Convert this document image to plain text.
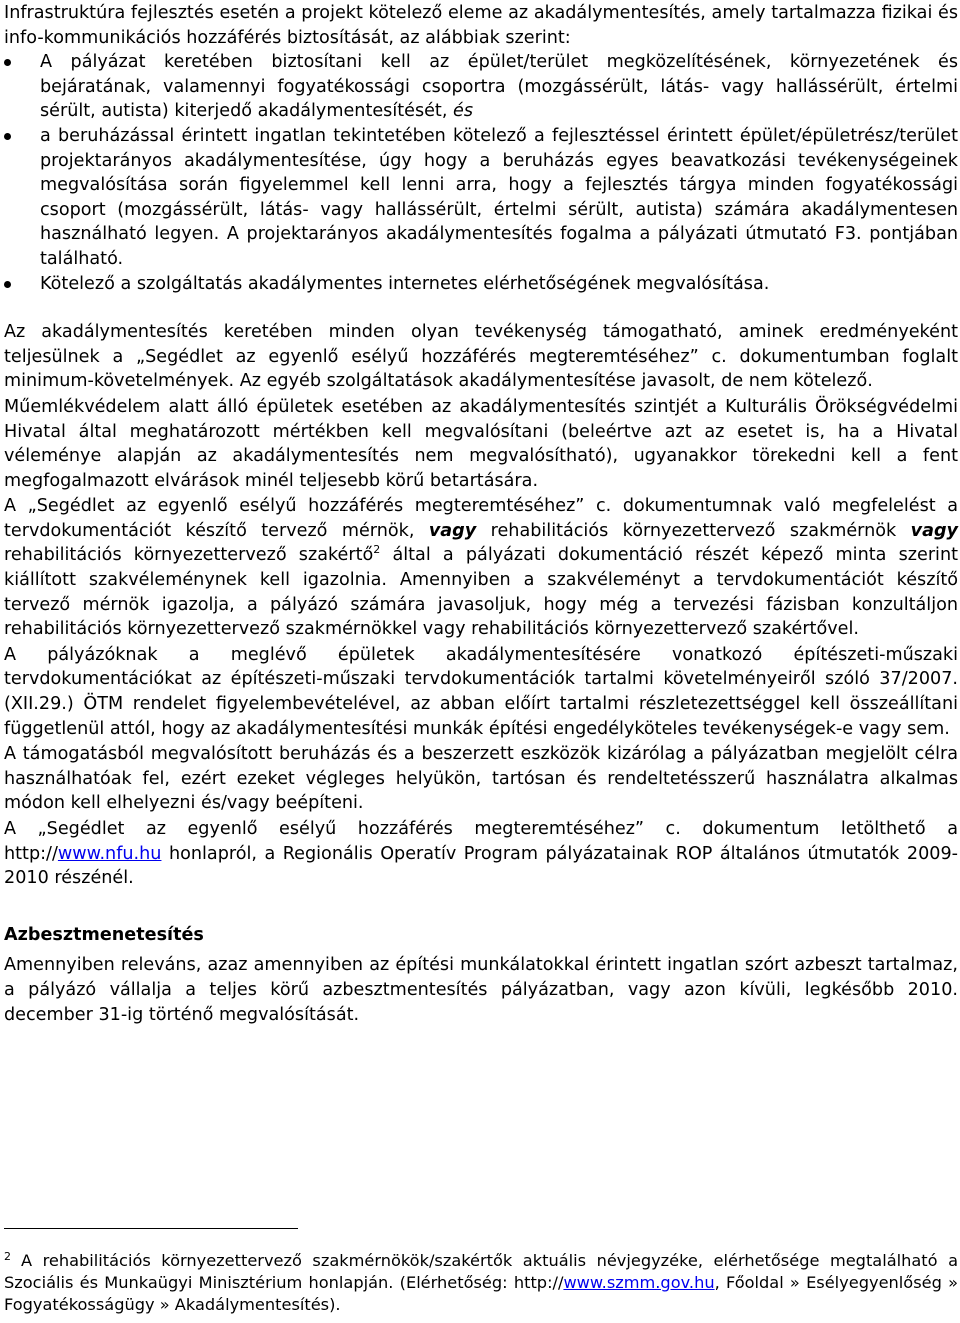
Infrastruktúra fejlesztés esetén a projekt kötelező eleme az akadálymentesítés, amely tartalmazza fizikai és info-kommunikációs hozzáférés biztosítását, az alábbiak szerint:

A pályázat keretében biztosítani kell az épület/terület megközelítésének, környezetének és bejáratának, valamennyi fogyatékossági csoportra (mozgássérült, látás- vagy hallássérült, értelmi sérült, autista) kiterjedő akadálymentesítését, és
a beruházással érintett ingatlan tekintetében kötelező a fejlesztéssel érintett épület/épületrész/terület projektarányos akadálymentesítése, úgy hogy a beruházás egyes beavatkozási tevékenységeinek megvalósítása során figyelemmel kell lenni arra, hogy a fejlesztés tárgya minden fogyatékossági csoport (mozgássérült, látás- vagy hallássérült, értelmi sérült, autista) számára akadálymentesen használható legyen. A projektarányos akadálymentesítés fogalma a pályázati útmutató F3. pontjában található.
Kötelező a szolgáltatás akadálymentes internetes elérhetőségének megvalósítása.

Az akadálymentesítés keretében minden olyan tevékenység támogatható, aminek eredményeként teljesülnek a „Segédlet az egyenlő esélyű hozzáférés megteremtéséhez” c. dokumentumban foglalt minimum-követelmények. Az egyéb szolgáltatások akadálymentesítése javasolt, de nem kötelező.

Műemlékvédelem alatt álló épületek esetében az akadálymentesítés szintjét a Kulturális Örökségvédelmi Hivatal által meghatározott mértékben kell megvalósítani (beleértve azt az esetet is, ha a Hivatal véleménye alapján az akadálymentesítés nem megvalósítható), ugyanakkor törekedni kell a fent megfogalmazott elvárások minél teljesebb körű betartására.

A „Segédlet az egyenlő esélyű hozzáférés megteremtéséhez” c. dokumentumnak való megfelelést a tervdokumentációt készítő tervező mérnök, vagy rehabilitációs környezettervező szakmérnök vagy rehabilitációs környezettervező szakértő$^2$ által a pályázati dokumentáció részét képező minta szerint kiállított szakvéleménynek kell igazolnia. Amennyiben a szakvéleményt a tervdokumentációt készítő tervező mérnök igazolja, a pályázó számára javasoljuk, hogy még a tervezési fázisban konzultáljon rehabilitációs környezettervező szakmérnökkel vagy rehabilitációs környezettervező szakértővel.

A pályázóknak a meglévő épületek akadálymentesítésére vonatkozó építészeti-műszaki tervdokumentációkat az építészeti-műszaki tervdokumentációk tartalmi követelményeiről szóló 37/2007. (XII.29.) ÖTM rendelet figyelembevételével, az abban előírt tartalmi részletezettséggel kell összeállítani függetlenül attól, hogy az akadálymentesítési munkák építési engedélyköteles tevékenységek-e vagy sem.

A támogatásból megvalósított beruházás és a beszerzett eszközök kizárólag a pályázatban megjelölt célra használhatóak fel, ezért ezeket végleges helyükön, tartósan és rendeltetésszerű használatra alkalmas módon kell elhelyezni és/vagy beépíteni.

A „Segédlet az egyenlő esélyű hozzáférés megteremtéséhez” c. dokumentum letölthető a http://www.nfu.hu honlapról, a Regionális Operatív Program pályázatainak ROP általános útmutatók 2009-2010 részénél.

Azbesztmenetesítés

Amennyiben releváns, azaz amennyiben az építési munkálatokkal érintett ingatlan szórt azbeszt tartalmaz, a pályázó vállalja a teljes körű azbesztmentesítés pályázatban, vagy azon kívüli, legkésőbb 2010. december 31-ig történő megvalósítását.

$^2$ A rehabilitációs környezettervező szakmérnökök/szakértők aktuális névjegyzéke, elérhetősége megtalálható a Szociális és Munkaügyi Minisztérium honlapján. (Elérhetőség: http://www.szmm.gov.hu, Főoldal » Esélyegyenlőség » Fogyatékosságügy » Akadálymentesítés).
